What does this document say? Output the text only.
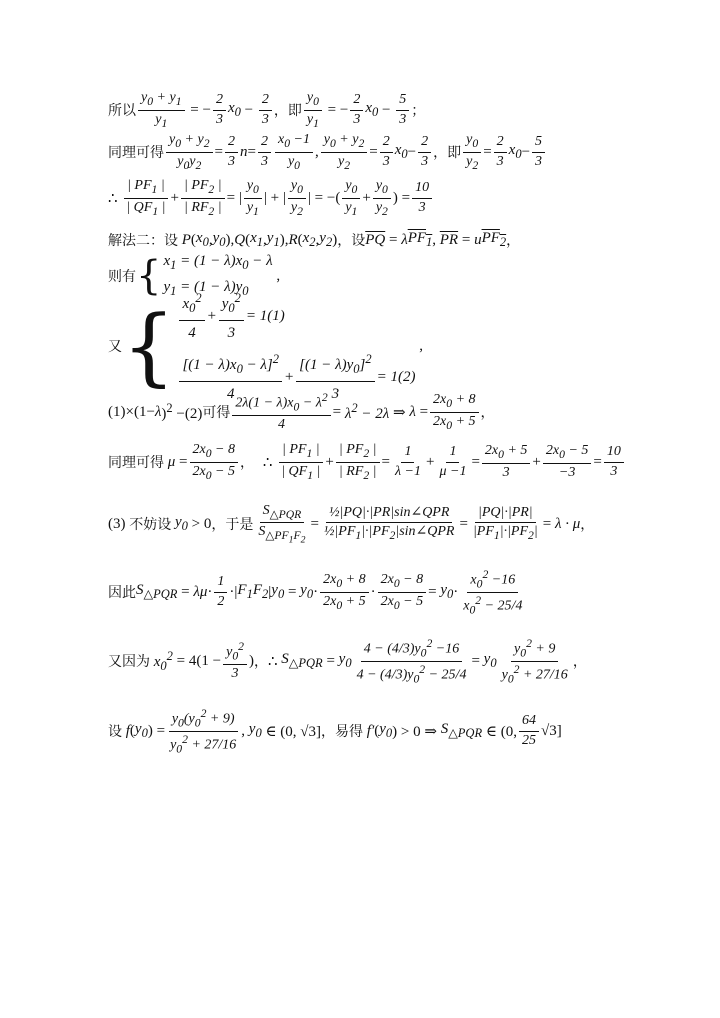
所以 $\frac{y_0 + y_1}{y_1}$ = − $\frac{2}{3} x_0 - \frac{2}{3}$ ，即 $\frac{y_0}{y_1}$ = − $\frac{2}{3} x_0 - \frac{5}{3}$ ；
同理可得 $\frac{y_0 + y_2}{y_0y_2} = \frac{2}{3}$ $n = \frac{2}{3} \frac{x_0 -1}{y_0}$ , $\frac{y_0 + y_2}{y_2} = \frac{2}{3} x_0 - \frac{2}{3}$ ，即 $\frac{y_0}{y_2} = \frac{2}{3} x_0 - \frac{5}{3}$
∴ $\frac{| PF_1 |}{| QF_1 |} + \frac{| PF_2 |}{| RF_2 |}$ = | $\frac{y_0}{y_1}$ | + | $\frac{y_0}{y_2}$ | = −( $\frac{y_0}{y_1} + \frac{y_0}{y_2}$ ) = $\frac{10}{3}$
解法二：设 P ( $x_0$ , $y_0$ ), Q ( $x_1$ , $y_1$ ), R ( $x_2$ , $y_2$ ) ，设 $\overline{PQ} = \lambda$ $PF_1$ , $\overline{PR} = u$ $PF_2$ ，
则有 { $x_1 = (1 - \lambda)x_0 - \lambda$
$y_1 = (1 - \lambda)y_0$
,
又 { $\frac{x_0^2}{4} + \frac{y_0^2}{3} = 1(1)$
$\frac{[(1 - \lambda)x_0 - \lambda]^2}{4} + \frac{[(1 - \lambda)y_0]^2}{3} = 1(2)$
,
(1)×(1− λ )$^2$ −(2) 可得 $\frac{2\lambda(1 - \lambda)x_0 - \lambda^2}{4} = \lambda^2 - 2\lambda$ ⇒ $\lambda = \frac{2x_0 + 8}{2x_0 + 5}$ ，
同理可得 $\mu = \frac{2x_0 - 8}{2x_0 - 5}$ ， ∴ $\frac{| PF_1 |}{| QF_1 |} + \frac{| PF_2 |}{| RF_2 |} = \frac{1}{\lambda -1} + \frac{1}{\mu -1} = \frac{2x_0 + 5}{3} + \frac{2x_0 - 5}{-3} = \frac{10}{3}$
(3) 不妨设 $y_0 > 0$ ，于是 $\frac{S_{\triangle PQR}}{S_{\triangle PF_1F_2}} = \frac{\text{½|PQ|·|PR|sin∠QPR}}{\frac{1}{2}|PF_1|\cdot|PF_2|\sin\angle QPR} = \frac{|PQ|\cdot|PR|}{|PF_1|\cdot|PF_2|} = \lambda \cdot \mu$ ，
因此 $S_{\triangle PQR} = \lambda\mu \cdot \frac{1}{2}$ ·| $F_1F_2$ | $y_0 = y_0 \cdot \frac{2x_0 + 8}{2x_0 + 5} \cdot \frac{2x_0 - 8}{2x_0 - 5} = y_0 \cdot \frac{x_0^2 -16}{x_0^2 - 25/4}$
又因为 $x_0^2 = 4(1 - \frac{y_0^2}{3}$ ) ， ∴ $S_{\triangle PQR} = y_0 \frac{4 - (4/3)y_0^2 -16}{4 - (4/3)y_0^2 - 25/4} = y_0 \frac{y_0^2 + 9}{y_0^2 + 27/16}$ ，
设 f ( $y_0$ ) = $\frac{y_0(y_0^2 + 9)}{y_0^2 + 27/16}$ , $y_0$ ∈ (0, √3] ，易得 f′ ( $y_0$ ) > 0 ⇒ $S_{\triangle PQR}$ ∈ (0, $\frac{64}{25} √3$]
